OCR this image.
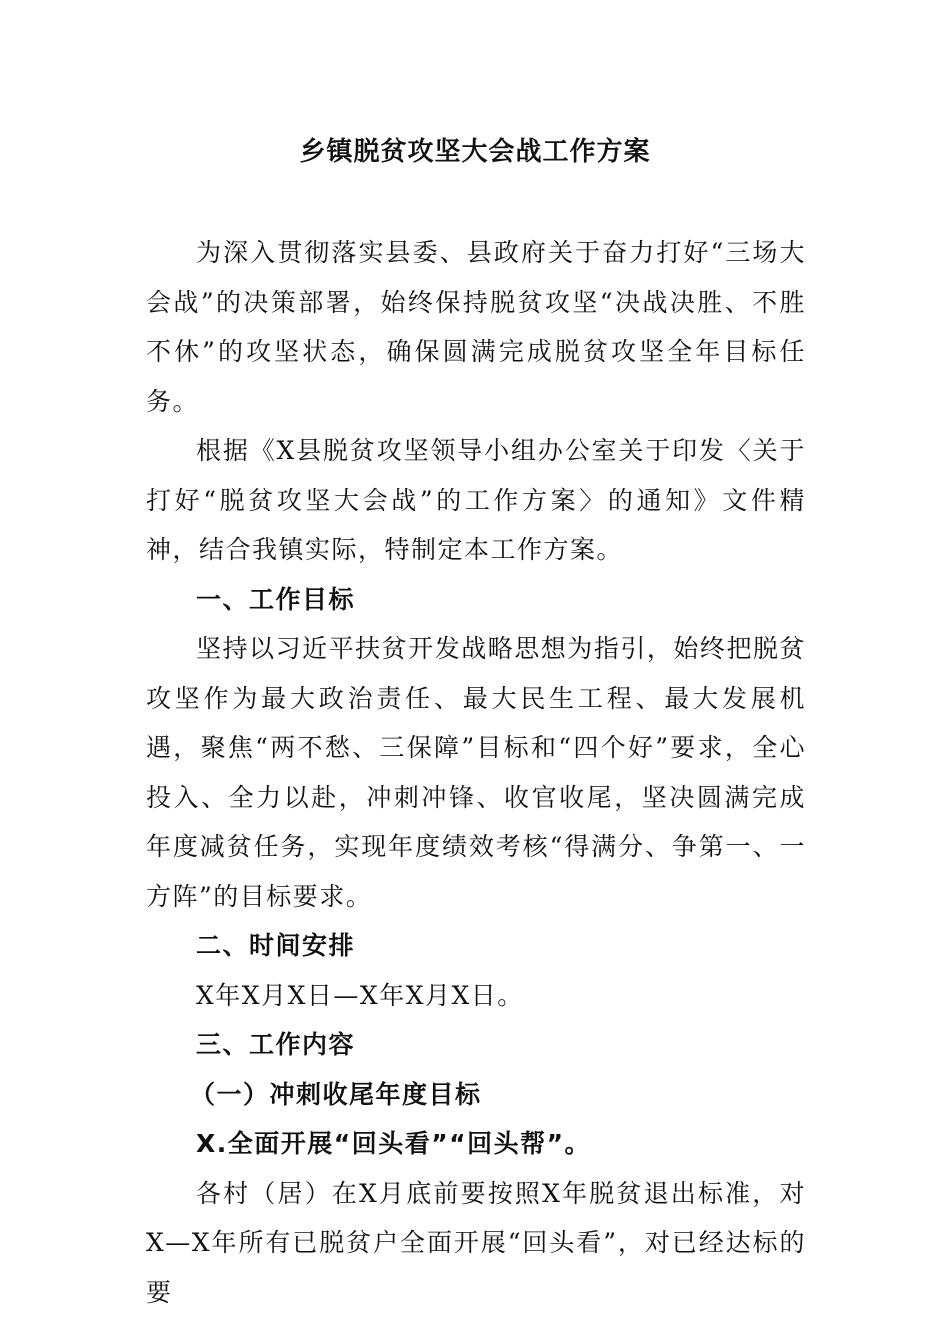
乡镇脱贫攻坚大会战工作方案

为深入贯彻落实县委、县政府关于奋力打好“三场大会战”的决策部署，始终保持脱贫攻坚“决战决胜、不胜不休”的攻坚状态，确保圆满完成脱贫攻坚全年目标任务。

根据《X县脱贫攻坚领导小组办公室关于印发〈关于打好“脱贫攻坚大会战”的工作方案〉的通知》文件精神，结合我镇实际，特制定本工作方案。

一、工作目标

坚持以习近平扶贫开发战略思想为指引，始终把脱贫攻坚作为最大政治责任、最大民生工程、最大发展机遇，聚焦“两不愁、三保障”目标和“四个好”要求，全心投入、全力以赴，冲刺冲锋、收官收尾，坚决圆满完成年度减贫任务，实现年度绩效考核“得满分、争第一、一方阵”的目标要求。

二、时间安排

X年X月X日—X年X月X日。

三、工作内容

（一）冲刺收尾年度目标

X.全面开展“回头看”“回头帮”。

各村（居）在X月底前要按照X年脱贫退出标准，对X—X年所有已脱贫户全面开展“回头看”，对已经达标的要
